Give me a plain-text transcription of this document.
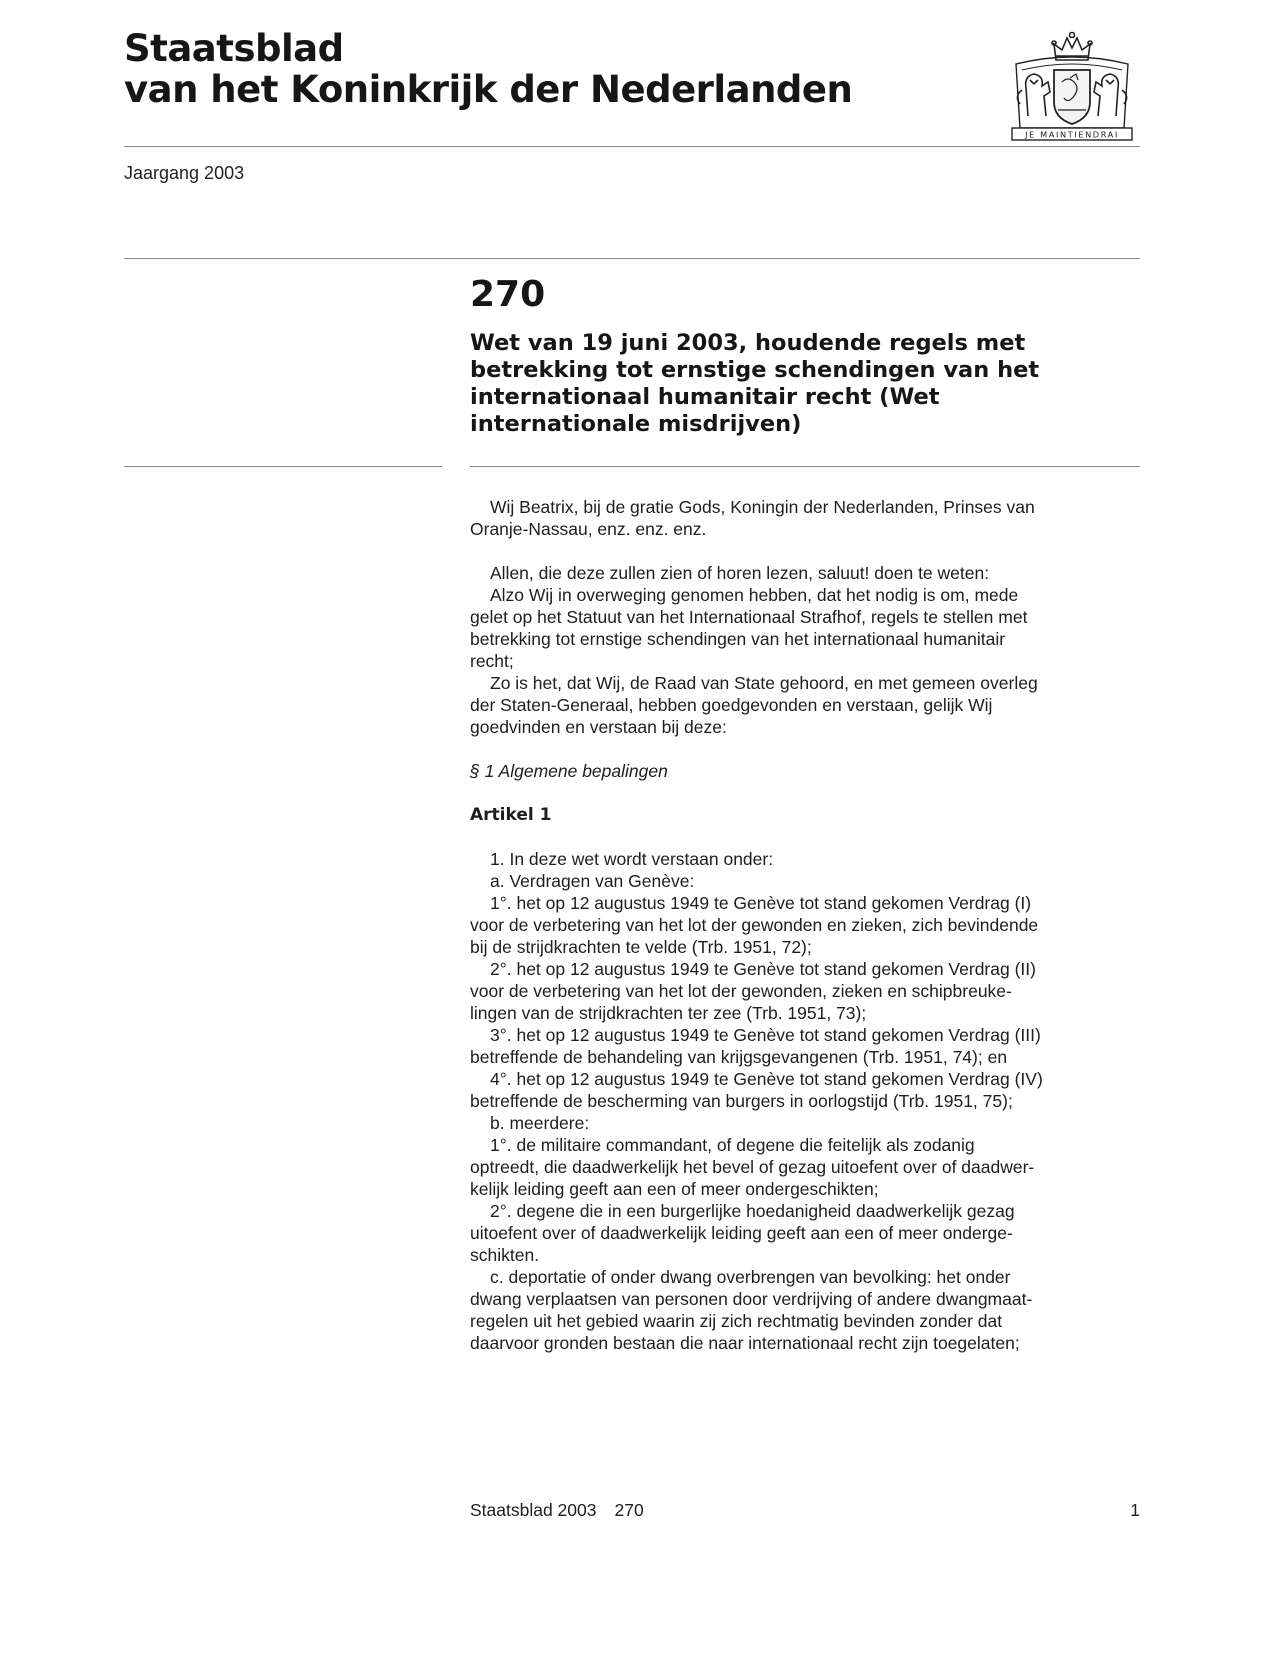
Staatsblad
van het Koninkrijk der Nederlanden
JE MAINTIENDRAI

Jaargang 2003

270
Wet van 19 juni 2003, houdende regels met
betrekking tot ernstige schendingen van het
internationaal humanitair recht (Wet
internationale misdrijven)

Wij Beatrix, bij de gratie Gods, Koningin der Nederlanden, Prinses van
Oranje-Nassau, enz. enz. enz.

Allen, die deze zullen zien of horen lezen, saluut! doen te weten:

Alzo Wij in overweging genomen hebben, dat het nodig is om, mede
gelet op het Statuut van het Internationaal Strafhof, regels te stellen met
betrekking tot ernstige schendingen van het internationaal humanitair
recht;

Zo is het, dat Wij, de Raad van State gehoord, en met gemeen overleg
der Staten-Generaal, hebben goedgevonden en verstaan, gelijk Wij
goedvinden en verstaan bij deze:

§ 1 Algemene bepalingen

Artikel 1

1. In deze wet wordt verstaan onder:

a. Verdragen van Genève:

1°. het op 12 augustus 1949 te Genève tot stand gekomen Verdrag (I)
voor de verbetering van het lot der gewonden en zieken, zich bevindende
bij de strijdkrachten te velde (Trb. 1951, 72);

2°. het op 12 augustus 1949 te Genève tot stand gekomen Verdrag (II)
voor de verbetering van het lot der gewonden, zieken en schipbreuke-
lingen van de strijdkrachten ter zee (Trb. 1951, 73);

3°. het op 12 augustus 1949 te Genève tot stand gekomen Verdrag (III)
betreffende de behandeling van krijgsgevangenen (Trb. 1951, 74); en

4°. het op 12 augustus 1949 te Genève tot stand gekomen Verdrag (IV)
betreffende de bescherming van burgers in oorlogstijd (Trb. 1951, 75);

b. meerdere:

1°. de militaire commandant, of degene die feitelijk als zodanig
optreedt, die daadwerkelijk het bevel of gezag uitoefent over of daadwer-
kelijk leiding geeft aan een of meer ondergeschikten;

2°. degene die in een burgerlijke hoedanigheid daadwerkelijk gezag
uitoefent over of daadwerkelijk leiding geeft aan een of meer onderge-
schikten.

c. deportatie of onder dwang overbrengen van bevolking: het onder
dwang verplaatsen van personen door verdrijving of andere dwangmaat-
regelen uit het gebied waarin zij zich rechtmatig bevinden zonder dat
daarvoor gronden bestaan die naar internationaal recht zijn toegelaten;

Staatsblad 2003 270	1
